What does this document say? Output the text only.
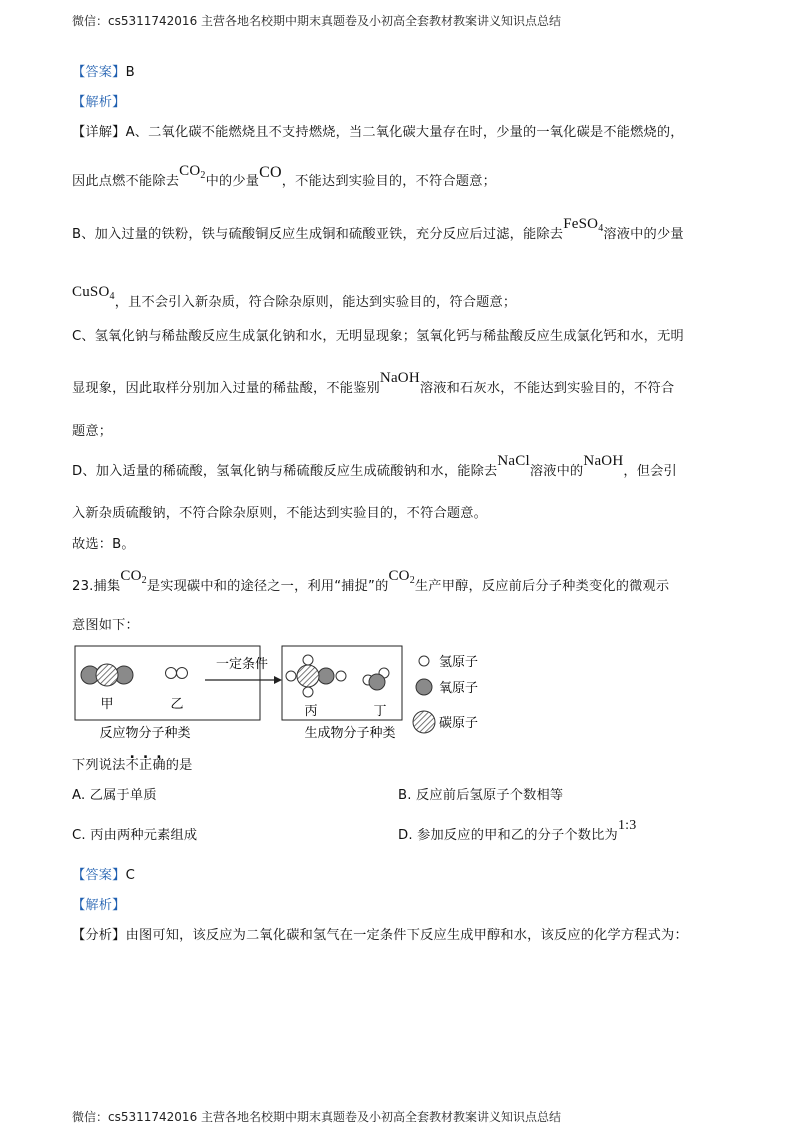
微信：cs5311742016 主营各地名校期中期末真题卷及小初高全套教材教案讲义知识点总结
【答案】B
【解析】
【详解】A、二氧化碳不能燃烧且不支持燃烧，当二氧化碳大量存在时，少量的一氧化碳是不能燃烧的，
因此点燃不能除去$CO_2$中的少量CO，不能达到实验目的，不符合题意；
B、加入过量的铁粉，铁与硫酸铜反应生成铜和硫酸亚铁，充分反应后过滤，能除去FeSO$_4$溶液中的少量
CuSO$_4$，且不会引入新杂质，符合除杂原则，能达到实验目的，符合题意；
C、氢氧化钠与稀盐酸反应生成氯化钠和水，无明显现象；氢氧化钙与稀盐酸反应生成氯化钙和水，无明
显现象，因此取样分别加入过量的稀盐酸，不能鉴别NaOH溶液和石灰水，不能达到实验目的，不符合
题意；
D、加入适量的稀硫酸，氢氧化钠与稀硫酸反应生成硫酸钠和水，能除去NaCl溶液中的NaOH，但会引
入新杂质硫酸钠，不符合除杂原则，不能达到实验目的，不符合题意。
故选：B。
23.捕集$CO_2$是实现碳中和的途径之一，利用“捕捉”的$CO_2$生产甲醇，反应前后分子种类变化的微观示
意图如下：
甲	乙
反应物分子种类
一定条件
丙	丁
生成物分子种类
氢原子
氧原子
碳原子
下列说法不正确的是
A. 乙属于单质	B. 反应前后氢原子个数相等
C. 丙由两种元素组成	D. 参加反应的甲和乙的分子个数比为1:3
【答案】C
【解析】
【分析】由图可知，该反应为二氧化碳和氢气在一定条件下反应生成甲醇和水，该反应的化学方程式为：
微信：cs5311742016 主营各地名校期中期末真题卷及小初高全套教材教案讲义知识点总结
